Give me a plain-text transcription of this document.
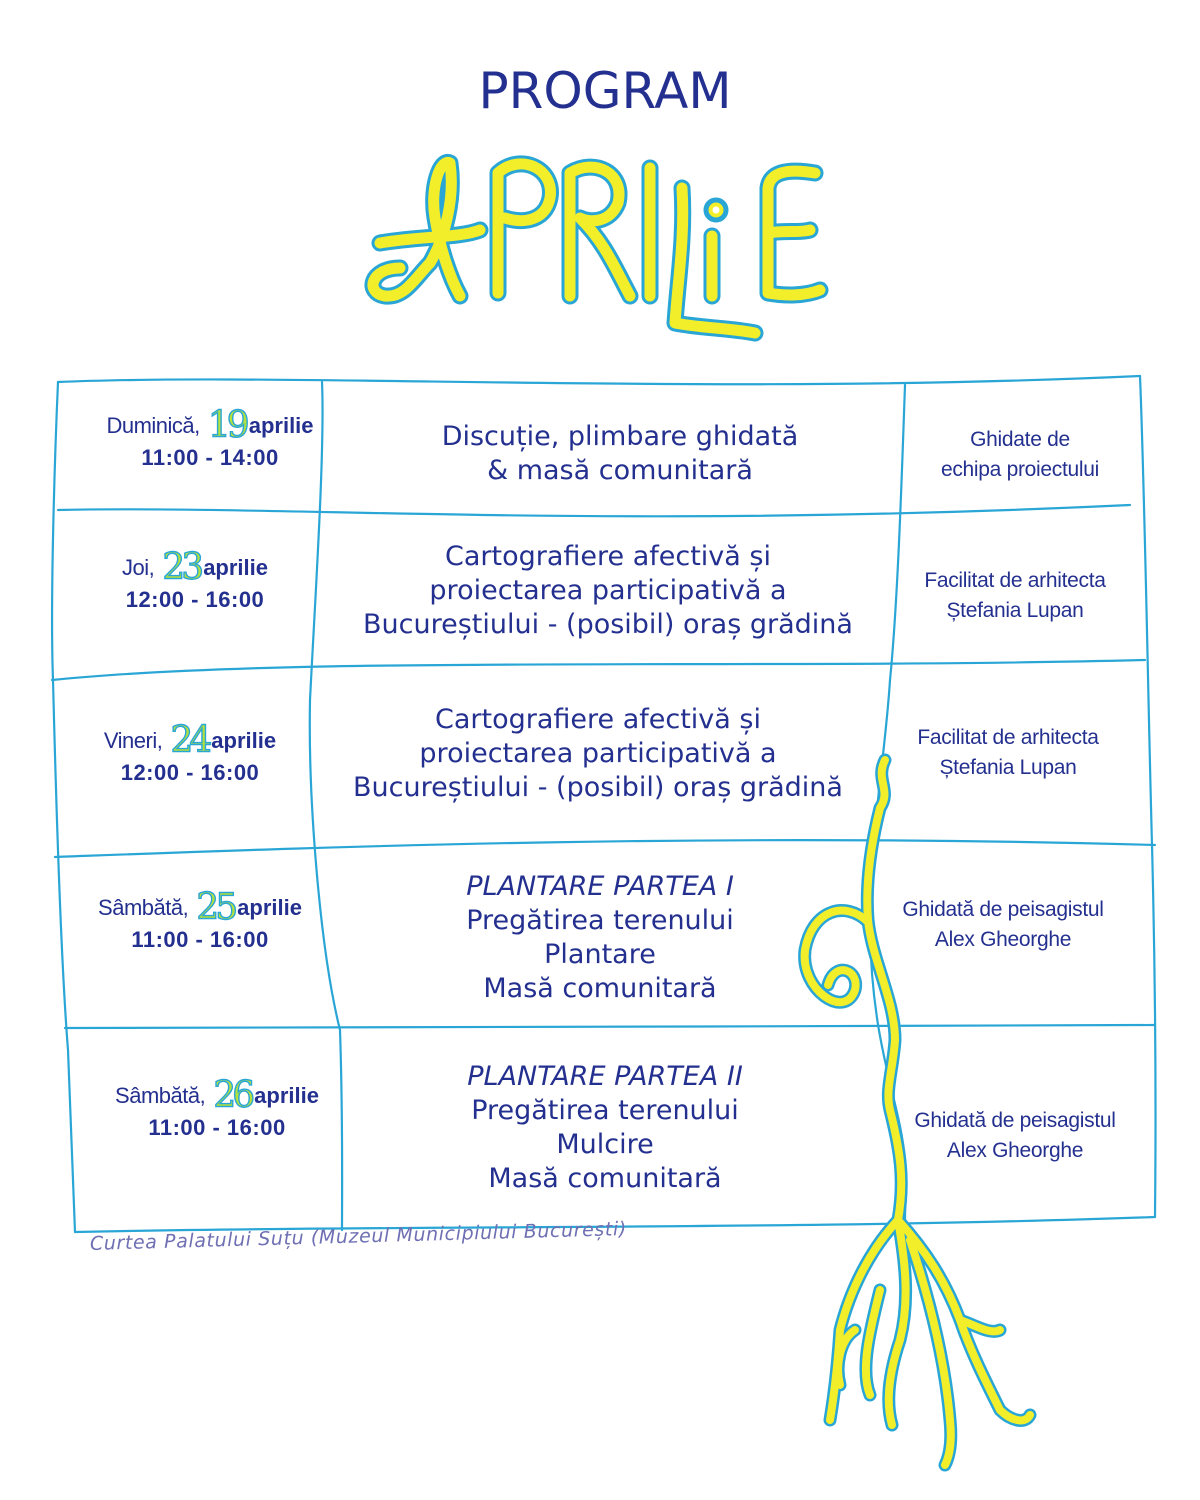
PROGRAM
Duminică, 19 aprilie
11:00 - 14:00
Discuție, plimbare ghidată
& masă comunitară
Ghidate de
echipa proiectului
Joi, 23 aprilie
12:00 - 16:00
Cartografiere afectivă și
proiectarea participativă a
Bucureștiului - (posibil) oraș grădină
Facilitat de arhitecta
Ștefania Lupan
Vineri, 24 aprilie
12:00 - 16:00
Cartografiere afectivă și
proiectarea participativă a
Bucureștiului - (posibil) oraș grădină
Facilitat de arhitecta
Ștefania Lupan
Sâmbătă, 25 aprilie
11:00 - 16:00
PLANTARE PARTEA I
Pregătirea terenului
Plantare
Masă comunitară
Ghidată de peisagistul
Alex Gheorghe
Sâmbătă, 26 aprilie
11:00 - 16:00
PLANTARE PARTEA II
Pregătirea terenului
Mulcire
Masă comunitară
Ghidată de peisagistul
Alex Gheorghe
Curtea Palatului Suțu (Muzeul Municipiului București)
